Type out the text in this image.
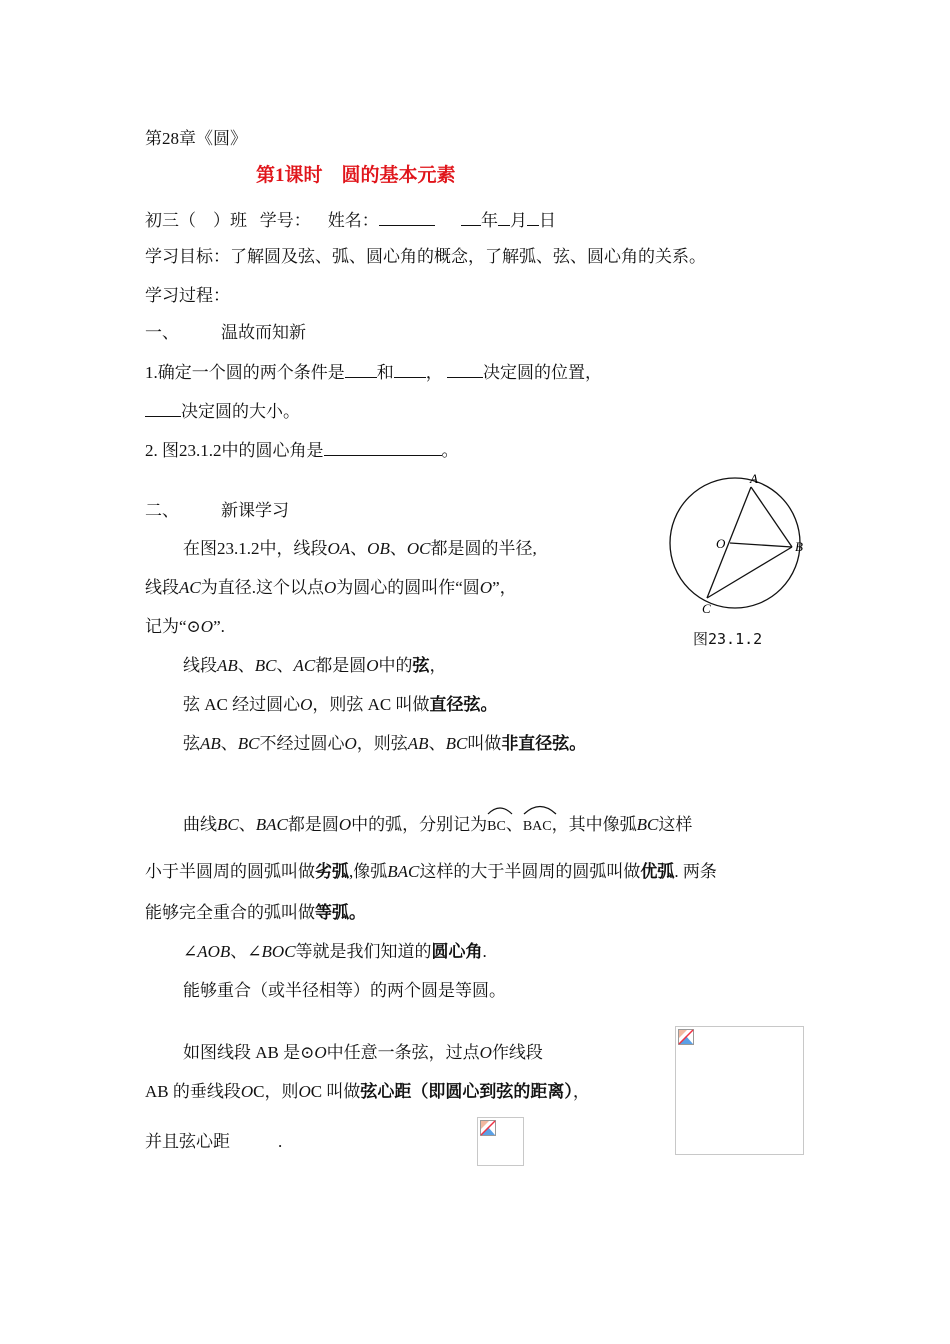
第28章《圆》
第1课时　圆的基本元素
初三（　）班 学号： 姓名：	年 月 日
学习目标：了解圆及弦、弧、圆心角的概念，了解弧、弦、圆心角的关系。
学习过程：
一、 温故而知新
1.确定一个圆的两个条件是 和 ， 决定圆的位置，
决定圆的大小。
2. 图23.1.2中的圆心角是	。
二、 新课学习
A
B
C
O
图23.1.2
在图23.1.2中，线段OA、OB、OC都是圆的半径,
线段AC为直径.这个以点O为圆心的圆叫作“圆O”，
记为“⊙O”.
线段AB、BC、AC都是圆O中的弦，
弦 AC 经过圆心O，则弦 AC 叫做直径弦。
弦AB、BC不经过圆心O，则弦AB、BC叫做非直径弦。
曲线BC、BAC都是圆O中的弧，分别记为
BC、
BAC，其中像弧BC这样
小于半圆周的圆弧叫做劣弧,像弧BAC这样的大于半圆周的圆弧叫做优弧. 两条
能够完全重合的弧叫做等弧。
∠AOB、∠BOC等就是我们知道的圆心角.
能够重合（或半径相等）的两个圆是等圆。
如图线段 AB 是⊙O中任意一条弦，过点O作线段
AB 的垂线段OC，则OC 叫做弦心距（即圆心到弦的距离），
并且弦心距	.
